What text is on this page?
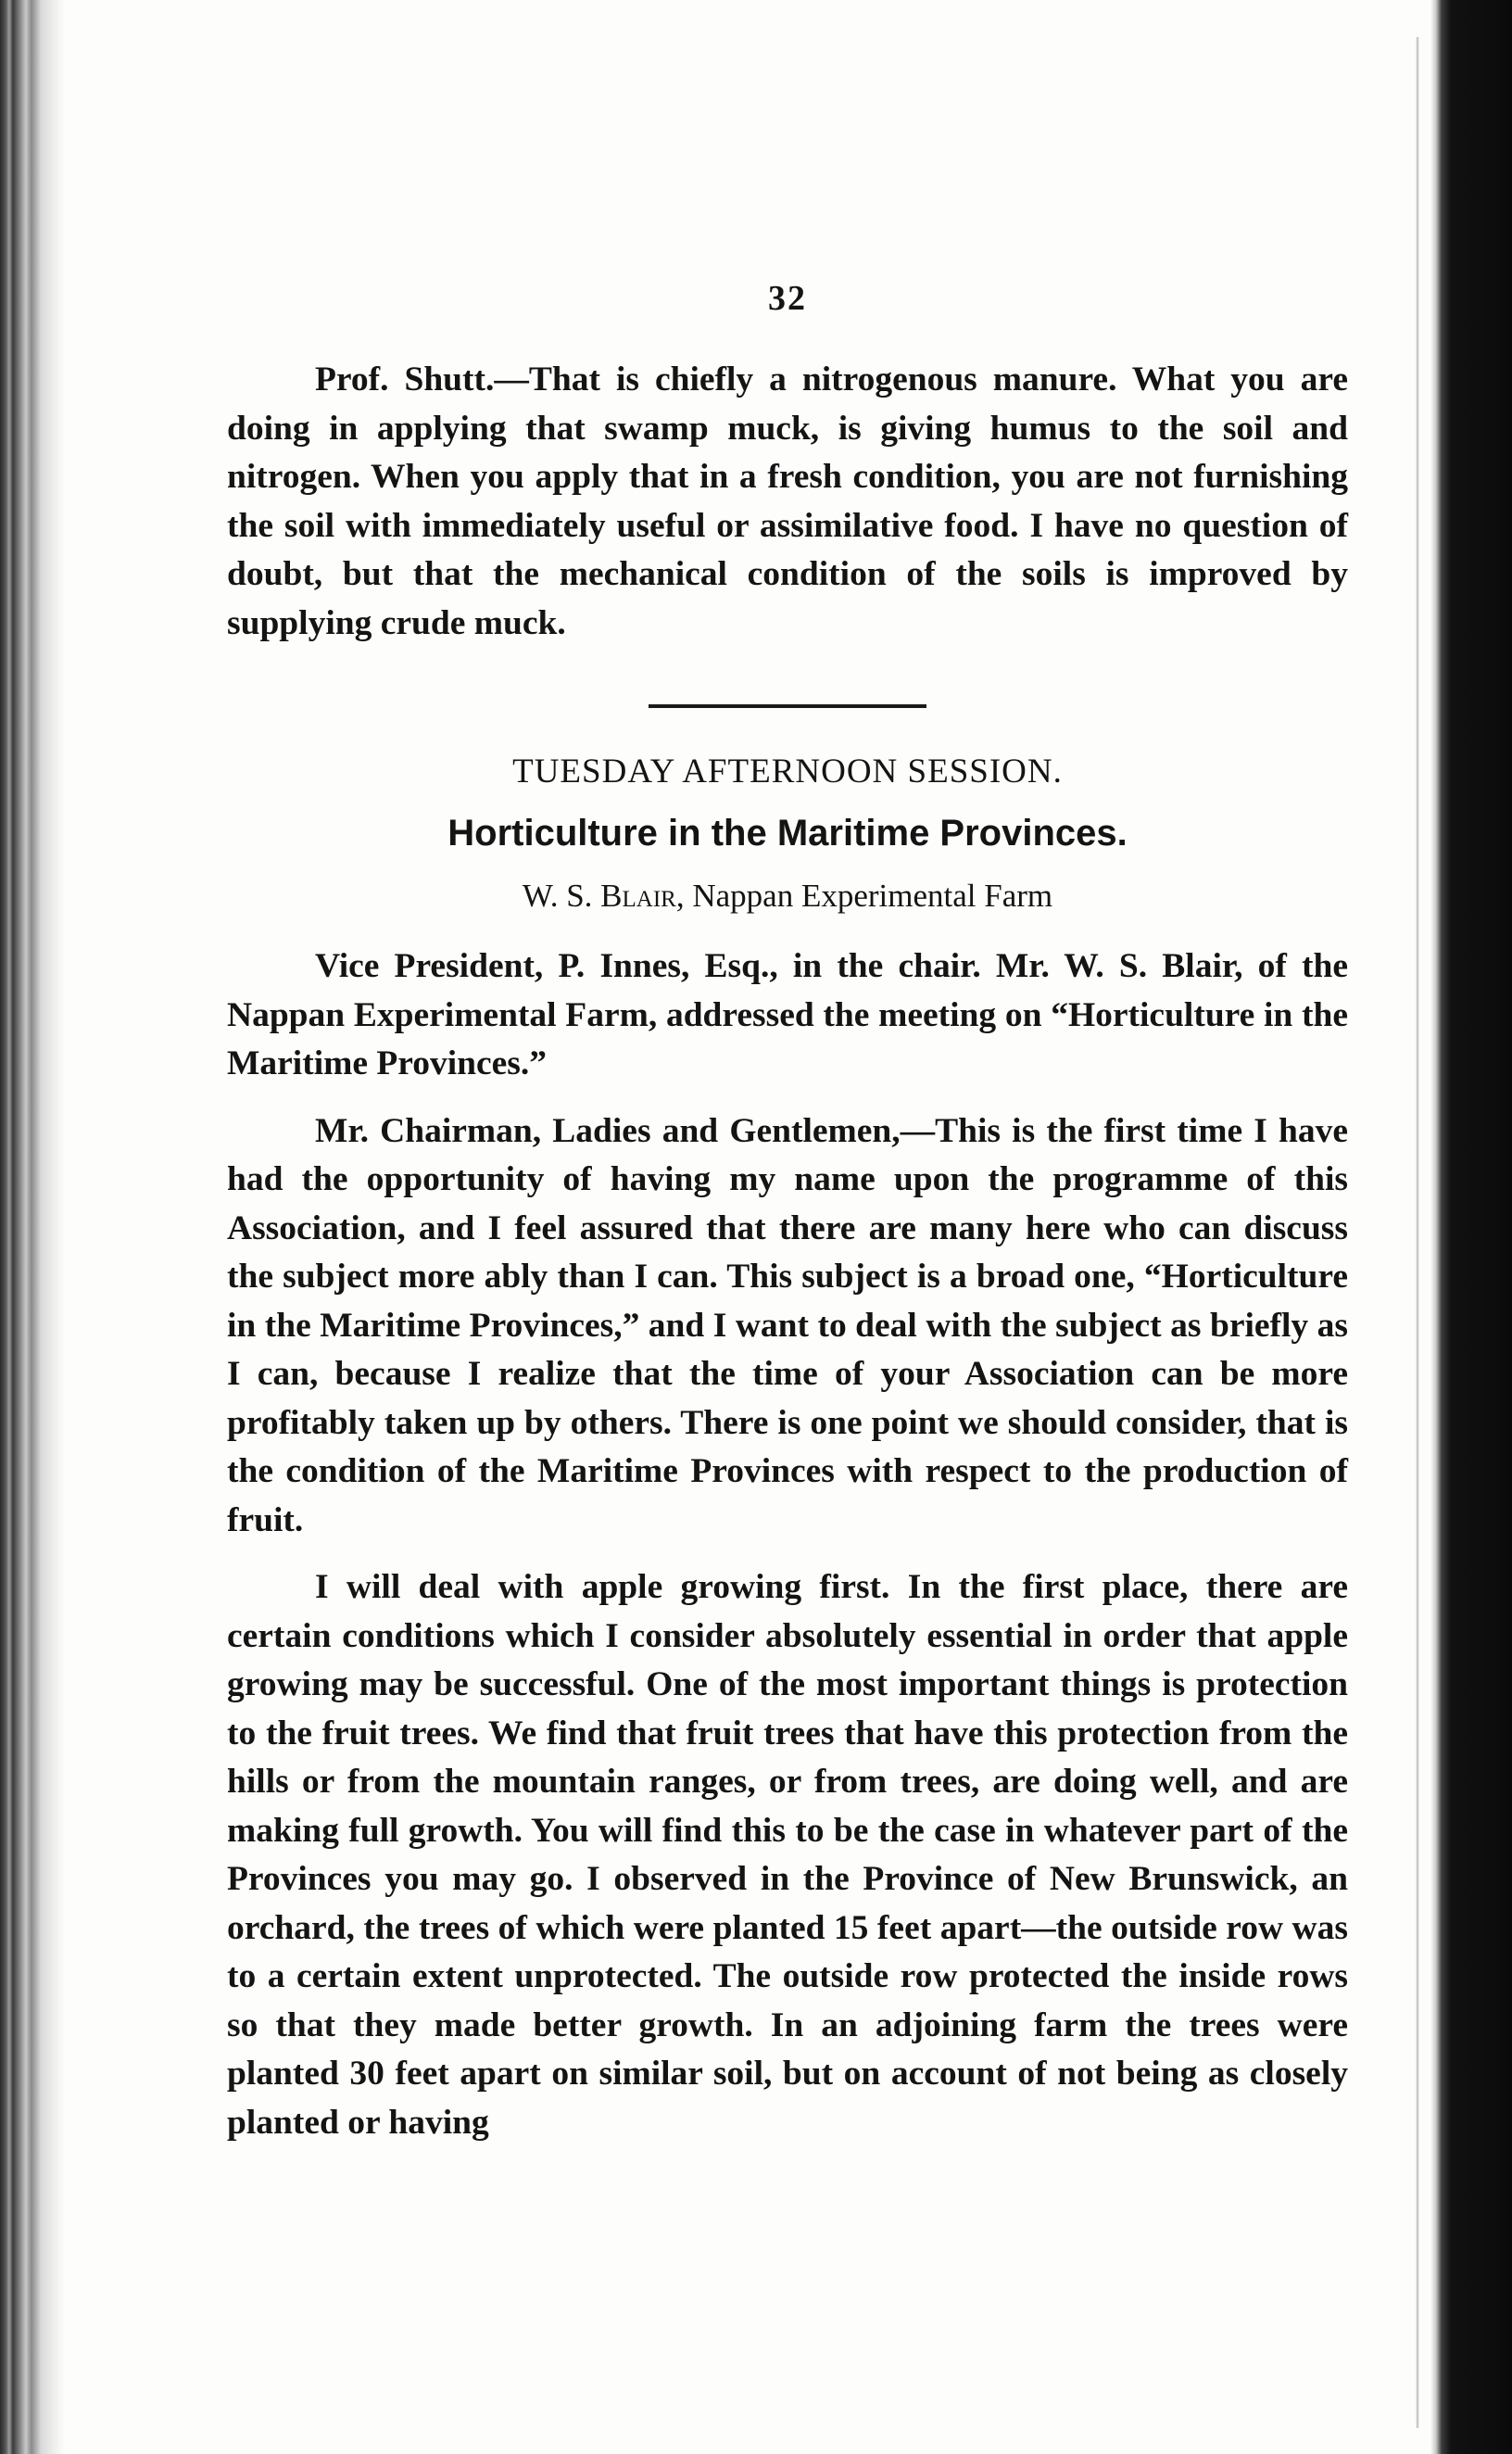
32

Prof. Shutt.—That is chiefly a nitrogenous manure. What you are doing in applying that swamp muck, is giving humus to the soil and nitrogen. When you apply that in a fresh condition, you are not furnishing the soil with immediately useful or assimilative food. I have no question of doubt, but that the mechanical condition of the soils is improved by supplying crude muck.

TUESDAY AFTERNOON SESSION.
Horticulture in the Maritime Provinces.
W. S. Blair, Nappan Experimental Farm

Vice President, P. Innes, Esq., in the chair. Mr. W. S. Blair, of the Nappan Experimental Farm, addressed the meeting on “Horticulture in the Maritime Provinces.”

Mr. Chairman, Ladies and Gentlemen,—This is the first time I have had the opportunity of having my name upon the programme of this Association, and I feel assured that there are many here who can discuss the subject more ably than I can. This subject is a broad one, “Horticulture in the Maritime Provinces,” and I want to deal with the subject as briefly as I can, because I realize that the time of your Association can be more profitably taken up by others. There is one point we should consider, that is the condition of the Maritime Provinces with respect to the production of fruit.

I will deal with apple growing first. In the first place, there are certain conditions which I consider absolutely essential in order that apple growing may be successful. One of the most important things is protection to the fruit trees. We find that fruit trees that have this protection from the hills or from the mountain ranges, or from trees, are doing well, and are making full growth. You will find this to be the case in whatever part of the Provinces you may go. I observed in the Province of New Brunswick, an orchard, the trees of which were planted 15 feet apart—the outside row was to a certain extent unprotected. The outside row protected the inside rows so that they made better growth. In an adjoining farm the trees were planted 30 feet apart on similar soil, but on account of not being as closely planted or having
